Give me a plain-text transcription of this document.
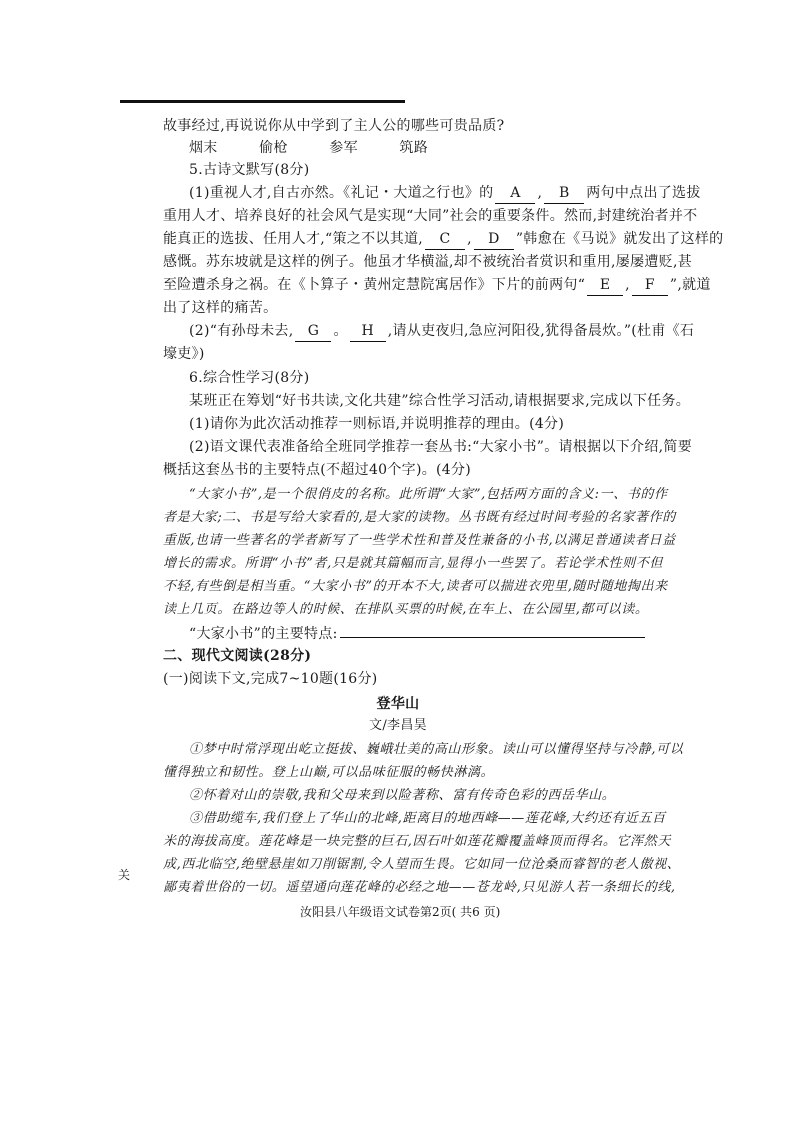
故事经过,再说说你从中学到了主人公的哪些可贵品质?
烟末	偷枪	参军	筑路
5.古诗文默写(8分)
(1)重视人才,自古亦然。《礼记・大道之行也》的 A , B 两句中点出了选拔
重用人才、培养良好的社会风气是实现“大同”社会的重要条件。然而,封建统治者并不
能真正的选拔、任用人才,“策之不以其道, C , D ”韩愈在《马说》就发出了这样的
感慨。苏东坡就是这样的例子。他虽才华横溢,却不被统治者赏识和重用,屡屡遭贬,甚
至险遭杀身之祸。在《卜算子・黄州定慧院寓居作》下片的前两句“ E , F ”,就道
出了这样的痛苦。
(2)“有孙母未去, G 。 H ,请从吏夜归,急应河阳役,犹得备晨炊。”(杜甫《石
壕吏》)
6.综合性学习(8分)
某班正在筹划“好书共读,文化共建”综合性学习活动,请根据要求,完成以下任务。
(1)请你为此次活动推荐一则标语,并说明推荐的理由。(4分)
(2)语文课代表准备给全班同学推荐一套丛书:“大家小书”。请根据以下介绍,简要
概括这套丛书的主要特点(不超过40个字)。(4分)
“大家小书”,是一个很俏皮的名称。此所谓“大家”,包括两方面的含义:一、书的作
者是大家;二、书是写给大家看的,是大家的读物。丛书既有经过时间考验的名家著作的
重版,也请一些著名的学者新写了一些学术性和普及性兼备的小书,以满足普通读者日益
增长的需求。所谓“小书”者,只是就其篇幅而言,显得小一些罢了。若论学术性则不但
不轻,有些倒是相当重。“大家小书”的开本不大,读者可以揣进衣兜里,随时随地掏出来
读上几页。在路边等人的时候、在排队买票的时候,在车上、在公园里,都可以读。
“大家小书”的主要特点:
二、现代文阅读(28分)
(一)阅读下文,完成7~10题(16分)
登华山
文/李昌昊
①梦中时常浮现出屹立挺拔、巍峨壮美的高山形象。读山可以懂得坚持与冷静,可以
懂得独立和韧性。登上山巅,可以品味征服的畅快淋漓。
②怀着对山的崇敬,我和父母来到以险著称、富有传奇色彩的西岳华山。
③借助缆车,我们登上了华山的北峰,距离目的地西峰——莲花峰,大约还有近五百
米的海拔高度。莲花峰是一块完整的巨石,因石叶如莲花瓣覆盖峰顶而得名。它浑然天
成,西北临空,绝壁悬崖如刀削锯割,令人望而生畏。它如同一位沧桑而睿智的老人傲视、
鄙夷着世俗的一切。遥望通向莲花峰的必经之地——苍龙岭,只见游人若一条细长的线,
关
汝阳县八年级语文试卷第2页( 共6 页)
